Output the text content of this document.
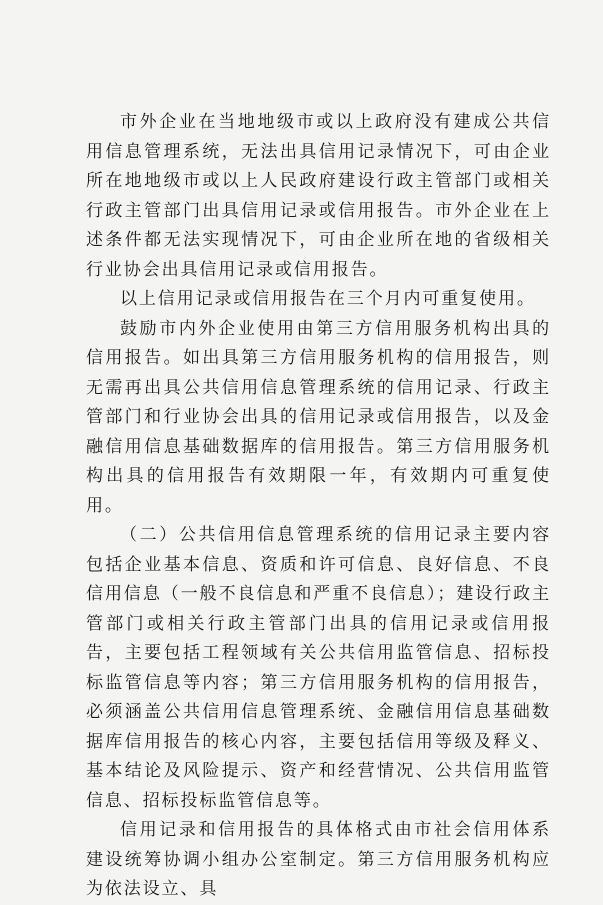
市外企业在当地地级市或以上政府没有建成公共信用信息管理系统，无法出具信用记录情况下，可由企业所在地地级市或以上人民政府建设行政主管部门或相关行政主管部门出具信用记录或信用报告。市外企业在上述条件都无法实现情况下，可由企业所在地的省级相关行业协会出具信用记录或信用报告。

以上信用记录或信用报告在三个月内可重复使用。

鼓励市内外企业使用由第三方信用服务机构出具的信用报告。如出具第三方信用服务机构的信用报告，则无需再出具公共信用信息管理系统的信用记录、行政主管部门和行业协会出具的信用记录或信用报告，以及金融信用信息基础数据库的信用报告。第三方信用服务机构出具的信用报告有效期限一年，有效期内可重复使用。

（二）公共信用信息管理系统的信用记录主要内容包括企业基本信息、资质和许可信息、良好信息、不良信用信息（一般不良信息和严重不良信息）；建设行政主管部门或相关行政主管部门出具的信用记录或信用报告，主要包括工程领域有关公共信用监管信息、招标投标监管信息等内容；第三方信用服务机构的信用报告，必须涵盖公共信用信息管理系统、金融信用信息基础数据库信用报告的核心内容，主要包括信用等级及释义、基本结论及风险提示、资产和经营情况、公共信用监管信息、招标投标监管信息等。

信用记录和信用报告的具体格式由市社会信用体系建设统筹协调小组办公室制定。第三方信用服务机构应为依法设立、具
